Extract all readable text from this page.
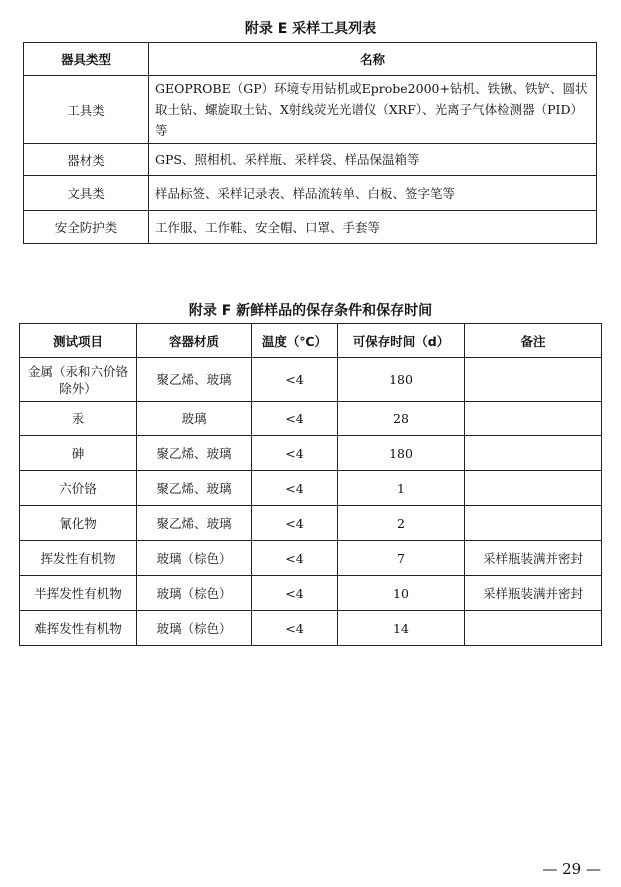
附录 E 采样工具列表
器具类型	名称
工具类	GEOPROBE（GP）环境专用钻机或Eprobe2000+钻机、铁锹、铁铲、圆状取土钻、螺旋取土钻、X射线荧光光谱仪（XRF）、光离子气体检测器（PID）等
器材类	GPS、照相机、采样瓶、采样袋、样品保温箱等
文具类	样品标签、采样记录表、样品流转单、白板、签字笔等
安全防护类	工作服、工作鞋、安全帽、口罩、手套等
附录 F 新鲜样品的保存条件和保存时间
测试项目	容器材质	温度（℃）	可保存时间（d）	备注
金属（汞和六价铬除外）	聚乙烯、玻璃	<4	180	
汞	玻璃	<4	28	
砷	聚乙烯、玻璃	<4	180	
六价铬	聚乙烯、玻璃	<4	1	
氰化物	聚乙烯、玻璃	<4	2	
挥发性有机物	玻璃（棕色）	<4	7	采样瓶装满并密封
半挥发性有机物	玻璃（棕色）	<4	10	采样瓶装满并密封
难挥发性有机物	玻璃（棕色）	<4	14	
— 29 —
